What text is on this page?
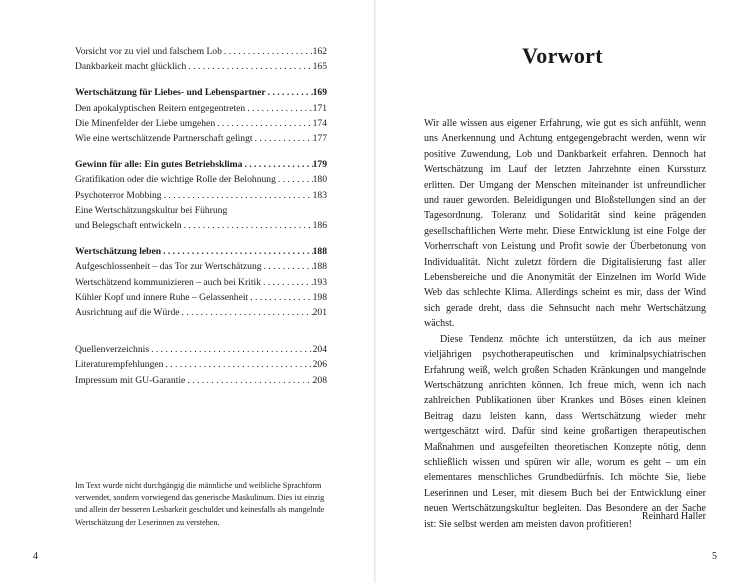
Vorsicht vor zu viel und falschem Lob . . .	162
Dankbarkeit macht glücklich . . .	165
Wertschätzung für Liebes- und Lebenspartner . . .	169
Den apokalyptischen Reitern entgegentreten . . .	171
Die Minenfelder der Liebe umgehen . . .	174
Wie eine wertschätzende Partnerschaft gelingt . . .	177
Gewinn für alle: Ein gutes Betriebsklima . . .	179
Gratifikation oder die wichtige Rolle der Belohnung . . .	180
Psychoterror Mobbing . . .	183
Eine Wertschätzungskultur bei Führung
und Belegschaft entwickeln . . .	186
Wertschätzung leben . . .	188
Aufgeschlossenheit – das Tor zur Wertschätzung . . .	188
Wertschätzend kommunizieren – auch bei Kritik . . .	193
Kühler Kopf und innere Ruhe – Gelassenheit . . .	198
Ausrichtung auf die Würde . . .	201
Quellenverzeichnis . . .	204
Literaturempfehlungen . . .	206
Impressum mit GU-Garantie . . .	208

Im Text wurde nicht durchgängig die männliche und weibliche Sprachform verwendet, sondern vorwiegend das generische Maskulinum. Dies ist einzig und allein der besseren Lesbarkeit geschuldet und keinesfalls als mangelnde Wertschätzung der Leserinnen zu verstehen.

4
Vorwort

Wir alle wissen aus eigener Erfahrung, wie gut es sich anfühlt, wenn uns Anerkennung und Achtung entgegengebracht werden, wenn wir positive Zuwendung, Lob und Dankbarkeit erfahren. Dennoch hat Wertschätzung im Lauf der letzten Jahrzehnte einen Kurssturz erlitten. Der Umgang der Menschen miteinander ist unfreundlicher und rauer geworden. Beleidigungen und Bloßstellungen sind an der Tagesordnung. Toleranz und Solidarität sind keine prägenden gesellschaftlichen Werte mehr. Diese Entwicklung ist eine Folge der Vorherrschaft von Leistung und Profit sowie der Überbetonung von Individualität. Nicht zuletzt fördern die Digitalisierung fast aller Lebensbereiche und die Anonymität der Einzelnen im World Wide Web das schlechte Klima. Allerdings scheint es mir, dass der Wind sich gerade dreht, dass die Sehnsucht nach mehr Wertschätzung wächst.

Diese Tendenz möchte ich unterstützen, da ich aus meiner vieljährigen psychotherapeutischen und kriminalpsychiatrischen Erfahrung weiß, welch großen Schaden Kränkungen und mangelnde Wertschätzung anrichten können. Ich freue mich, wenn ich nach zahlreichen Publikationen über Krankes und Böses einen kleinen Beitrag dazu leisten kann, dass Wertschätzung wieder mehr wertgeschätzt wird. Dafür sind keine großartigen therapeutischen Maßnahmen und ausgefeilten theoretischen Konzepte nötig, denn schließlich wissen und spüren wir alle, worum es geht – um ein elementares menschliches Grundbedürfnis. Ich möchte Sie, liebe Leserinnen und Leser, mit diesem Buch bei der Entwicklung einer neuen Wertschätzungskultur begleiten. Das Besondere an der Sache ist: Sie selbst werden am meisten davon profitieren!

Reinhard Haller
5
